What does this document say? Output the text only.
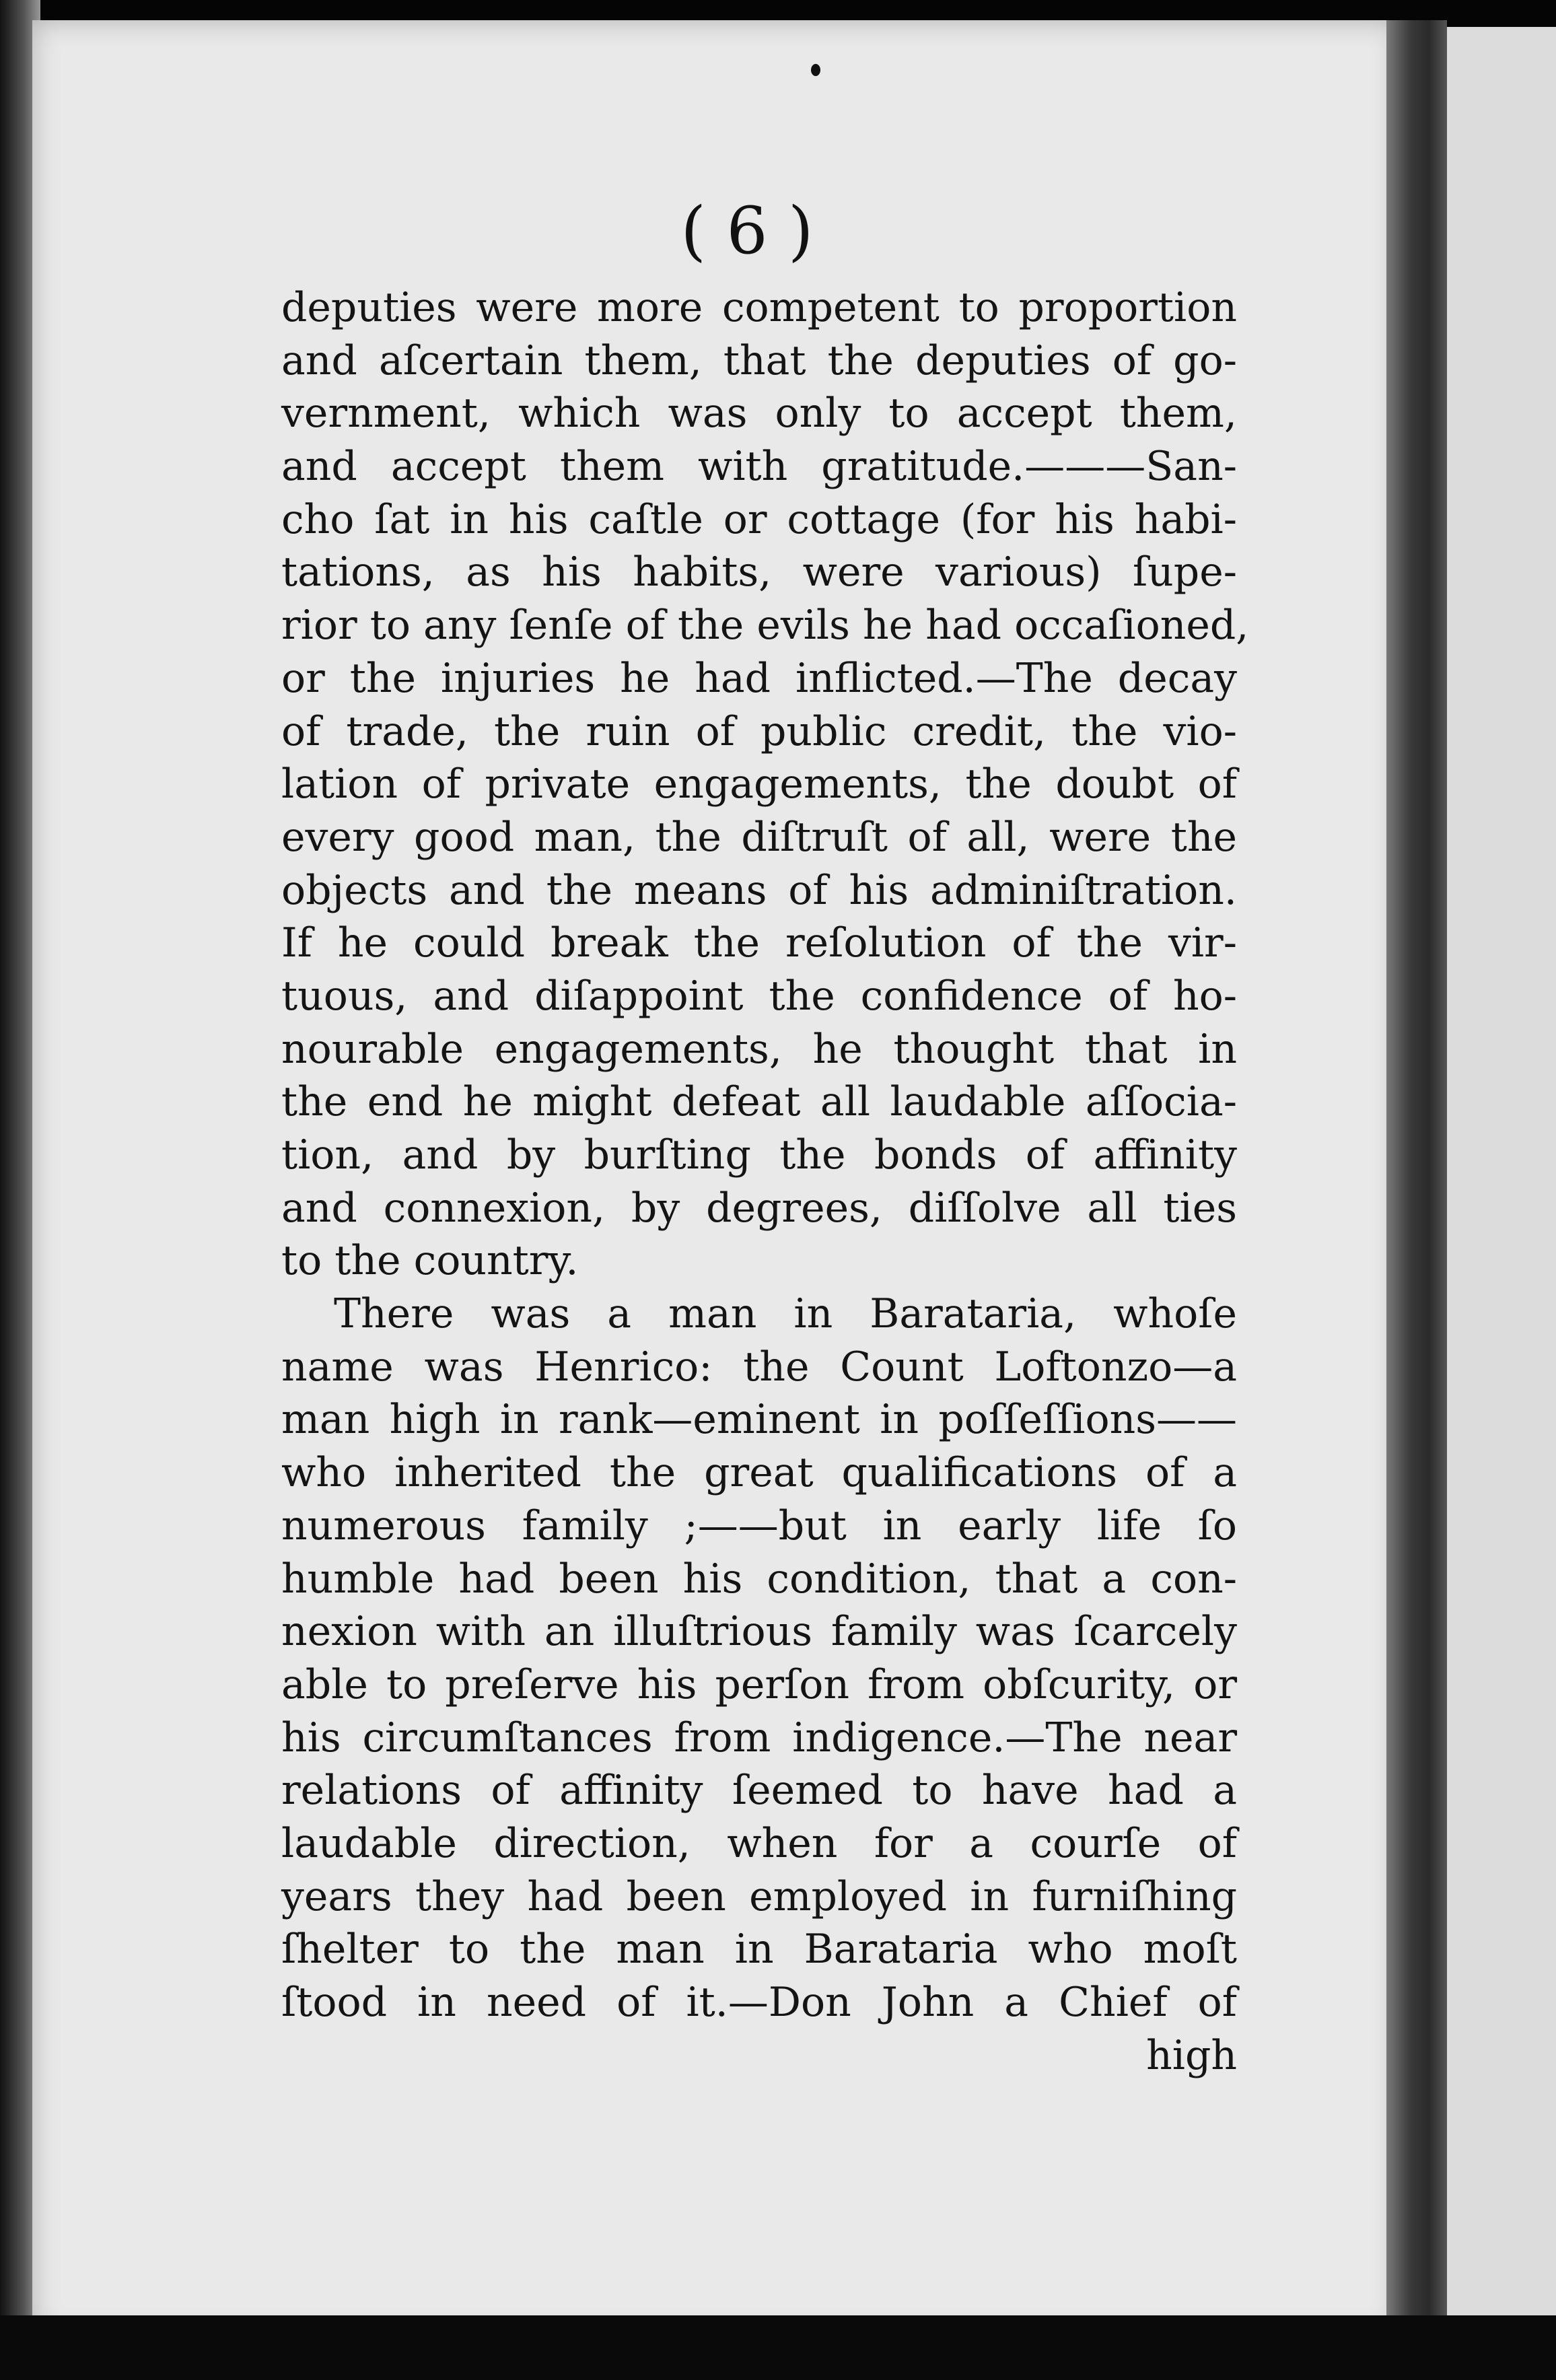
( 6 )
deputies were more competent to proportion
and aſcertain them, that the deputies of go-
vernment, which was only to accept them,
and accept them with gratitude.———San-
cho ſat in his caſtle or cottage (for his habi-
tations, as his habits, were various) ſupe-
rior to any ſenſe of the evils he had occaſioned,
or the injuries he had inflicted.—The decay
of trade, the ruin of public credit, the vio-
lation of private engagements, the doubt of
every good man, the diſtruſt of all, were the
objects and the means of his adminiſtration.
If he could break the reſolution of the vir-
tuous, and diſappoint the confidence of ho-
nourable engagements, he thought that in
the end he might defeat all laudable aſſocia-
tion, and by burſting the bonds of affinity
and connexion, by degrees, diſſolve all ties
to the country.
There was a man in Barataria, whoſe
name was Henrico: the Count Loftonzo—a
man high in rank—eminent in poſſeſſions——
who inherited the great qualifications of a
numerous family ;——but in early life ſo
humble had been his condition, that a con-
nexion with an illuſtrious family was ſcarcely
able to preſerve his perſon from obſcurity, or
his circumſtances from indigence.—The near
relations of affinity ſeemed to have had a
laudable direction, when for a courſe of
years they had been employed in furniſhing
ſhelter to the man in Barataria who moſt
ſtood in need of it.—Don John a Chief of
high
